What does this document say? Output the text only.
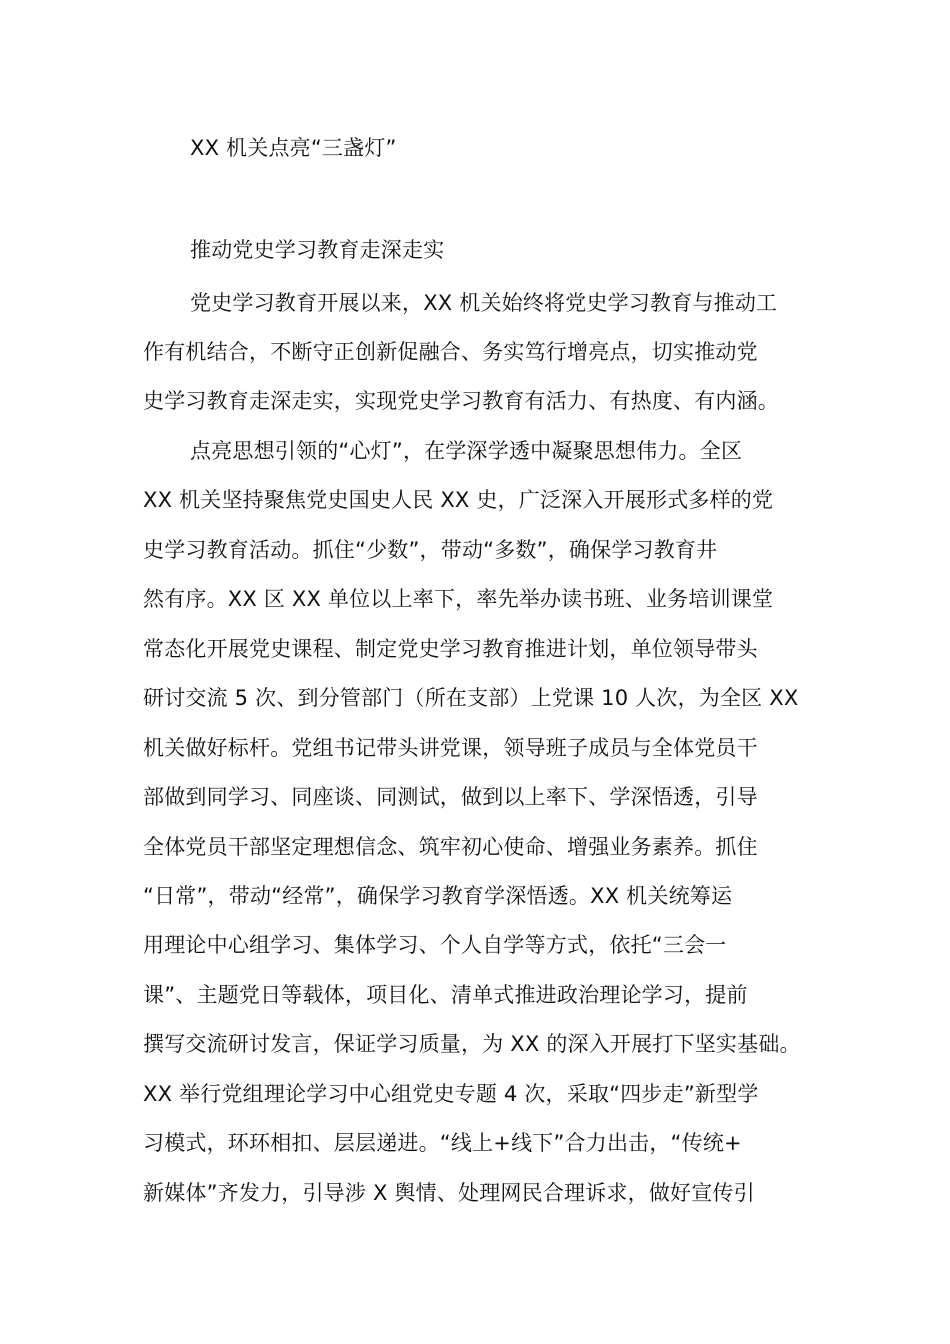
XX 机关点亮“三盏灯”
推动党史学习教育走深走实
党史学习教育开展以来，XX 机关始终将党史学习教育与推动工
作有机结合，不断守正创新促融合、务实笃行增亮点，切实推动党
史学习教育走深走实，实现党史学习教育有活力、有热度、有内涵。
点亮思想引领的“心灯”，在学深学透中凝聚思想伟力。全区
XX 机关坚持聚焦党史国史人民 XX 史，广泛深入开展形式多样的党
史学习教育活动。抓住“少数”，带动“多数”，确保学习教育井
然有序。XX 区 XX 单位以上率下，率先举办读书班、业务培训课堂
常态化开展党史课程、制定党史学习教育推进计划，单位领导带头
研讨交流 5 次、到分管部门（所在支部）上党课 10 人次，为全区 XX
机关做好标杆。党组书记带头讲党课，领导班子成员与全体党员干
部做到同学习、同座谈、同测试，做到以上率下、学深悟透，引导
全体党员干部坚定理想信念、筑牢初心使命、增强业务素养。抓住
“日常”，带动“经常”，确保学习教育学深悟透。XX 机关统筹运
用理论中心组学习、集体学习、个人自学等方式，依托“三会一
课”、主题党日等载体，项目化、清单式推进政治理论学习，提前
撰写交流研讨发言，保证学习质量，为 XX 的深入开展打下坚实基础。
XX 举行党组理论学习中心组党史专题 4 次，采取“四步走”新型学
习模式，环环相扣、层层递进。“线上+线下”合力出击，“传统+
新媒体”齐发力，引导涉 X 舆情、处理网民合理诉求，做好宣传引
